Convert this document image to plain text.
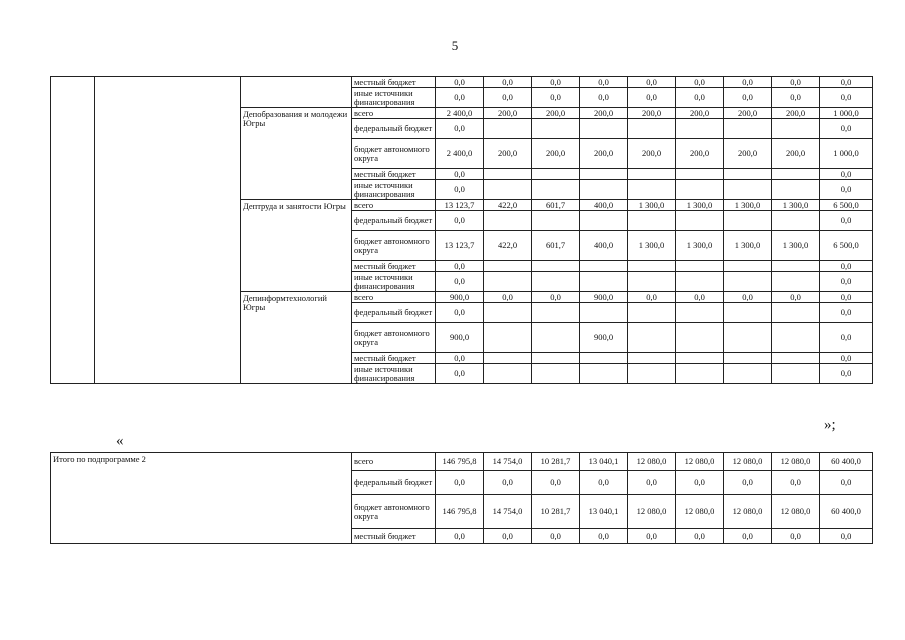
5
			местный бюджет	0,0	0,0	0,0	0,0	0,0	0,0	0,0	0,0	0,0
			иные источники финансирования	0,0	0,0	0,0	0,0	0,0	0,0	0,0	0,0	0,0
		Депобразования и молодежи Югры	всего	2 400,0	200,0	200,0	200,0	200,0	200,0	200,0	200,0	1 000,0
			федеральный бюджет	0,0								0,0
			бюджет автономного округа	2 400,0	200,0	200,0	200,0	200,0	200,0	200,0	200,0	1 000,0
			местный бюджет	0,0								0,0
			иные источники финансирования	0,0								0,0
		Дептруда и занятости Югры	всего	13 123,7	422,0	601,7	400,0	1 300,0	1 300,0	1 300,0	1 300,0	6 500,0
			федеральный бюджет	0,0								0,0
			бюджет автономного округа	13 123,7	422,0	601,7	400,0	1 300,0	1 300,0	1 300,0	1 300,0	6 500,0
			местный бюджет	0,0								0,0
			иные источники финансирования	0,0								0,0
		Депинформтехнологий Югры	всего	900,0	0,0	0,0	900,0	0,0	0,0	0,0	0,0	0,0
			федеральный бюджет	0,0								0,0
			бюджет автономного округа	900,0			900,0					0,0
			местный бюджет	0,0								0,0
			иные источники финансирования	0,0								0,0
«
»;
Итого по подпрограмме 2	всего	146 795,8	14 754,0	10 281,7	13 040,1	12 080,0	12 080,0	12 080,0	12 080,0	60 400,0
	федеральный бюджет	0,0	0,0	0,0	0,0	0,0	0,0	0,0	0,0	0,0
	бюджет автономного округа	146 795,8	14 754,0	10 281,7	13 040,1	12 080,0	12 080,0	12 080,0	12 080,0	60 400,0
	местный бюджет	0,0	0,0	0,0	0,0	0,0	0,0	0,0	0,0	0,0
